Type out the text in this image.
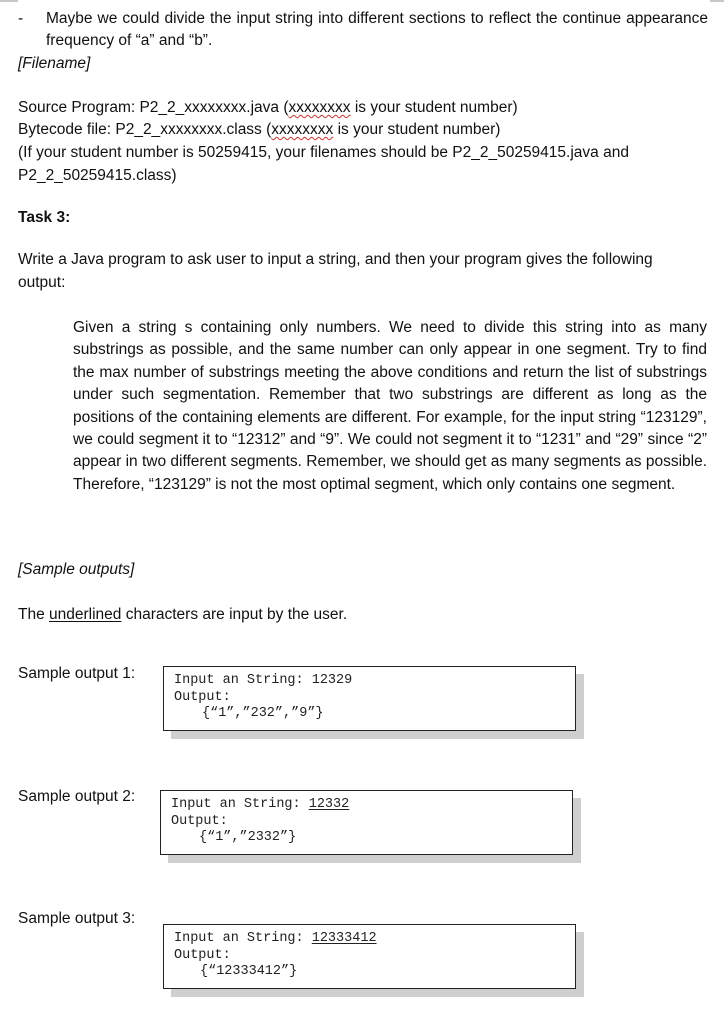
- Maybe we could divide the input string into different sections to reflect the continue appearance frequency of “a” and “b”.
[Filename]
Source Program: P2_2_xxxxxxxx.java (xxxxxxxx is your student number)
Bytecode file: P2_2_xxxxxxxx.class (xxxxxxxx is your student number)
(If your student number is 50259415, your filenames should be P2_2_50259415.java and
P2_2_50259415.class)
Task 3:
Write a Java program to ask user to input a string, and then your program gives the following
output:
Given a string s containing only numbers. We need to divide this string into as many substrings as possible, and the same number can only appear in one segment. Try to find the max number of substrings meeting the above conditions and return the list of substrings under such segmentation. Remember that two substrings are different as long as the positions of the containing elements are different. For example, for the input string “123129”, we could segment it to “12312” and “9”. We could not segment it to “1231” and “29” since “2” appear in two different segments. Remember, we should get as many segments as possible. Therefore, “123129” is not the most optimal segment, which only contains one segment.
[Sample outputs]
The underlined characters are input by the user.
Sample output 1:	Input an String: 12329
Output:
{“1”,”232”,”9”}
Sample output 2:	Input an String: 12332
Output:
{“1”,”2332”}
Sample output 3:
Input an String: 12333412
Output:
{“12333412”}
